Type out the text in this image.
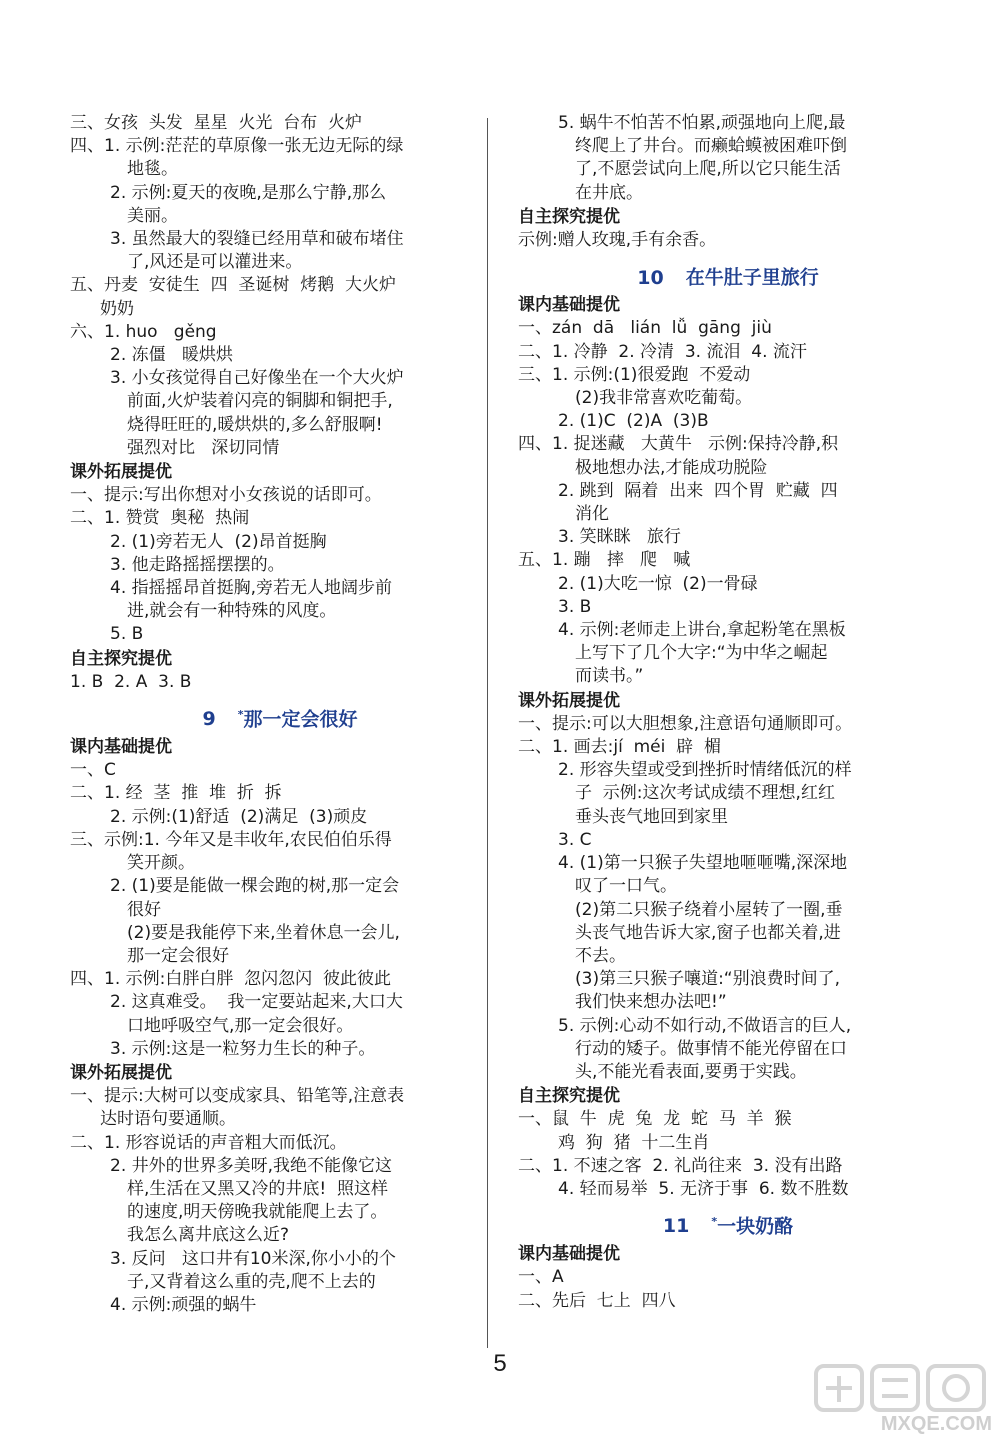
三、女孩  头发  星星  火光  台布  火炉
四、1. 示例:茫茫的草原像一张无边无际的绿
地毯。
2. 示例:夏天的夜晚,是那么宁静,那么
美丽。
3. 虽然最大的裂缝已经用草和破布堵住
了,风还是可以灌进来。
五、丹麦  安徒生  四  圣诞树  烤鹅  大火炉
奶奶
六、1. huo   gěng
2. 冻僵   暖烘烘
3. 小女孩觉得自己好像坐在一个大火炉
前面,火炉装着闪亮的铜脚和铜把手,
烧得旺旺的,暖烘烘的,多么舒服啊!
强烈对比   深切同情
课外拓展提优
一、提示:写出你想对小女孩说的话即可。
二、1. 赞赏  奥秘  热闹
2. (1)旁若无人  (2)昂首挺胸
3. 他走路摇摇摆摆的。
4. 指摇摇昂首挺胸,旁若无人地阔步前
进,就会有一种特殊的风度。
5. B
自主探究提优
1. B  2. A  3. B
9 *那一定会很好
课内基础提优
一、C
二、1. 经  茎  推  堆  折  拆
2. 示例:(1)舒适  (2)满足  (3)顽皮
三、示例:1. 今年又是丰收年,农民伯伯乐得
笑开颜。
2. (1)要是能做一棵会跑的树,那一定会
很好
(2)要是我能停下来,坐着休息一会儿,
那一定会很好
四、1. 示例:白胖白胖  忽闪忽闪  彼此彼此
2. 这真难受。  我一定要站起来,大口大
口地呼吸空气,那一定会很好。
3. 示例:这是一粒努力生长的种子。
课外拓展提优
一、提示:大树可以变成家具、铅笔等,注意表
达时语句要通顺。
二、1. 形容说话的声音粗大而低沉。
2. 井外的世界多美呀,我绝不能像它这
样,生活在又黑又冷的井底!  照这样
的速度,明天傍晚我就能爬上去了。
我怎么离井底这么近?
3. 反问   这口井有10米深,你小小的个
子,又背着这么重的壳,爬不上去的
4. 示例:顽强的蜗牛
5. 蜗牛不怕苦不怕累,顽强地向上爬,最
终爬上了井台。而癞蛤蟆被困难吓倒
了,不愿尝试向上爬,所以它只能生活
在井底。
自主探究提优
示例:赠人玫瑰,手有余香。
10 在牛肚子里旅行
课内基础提优
一、zán  dā   lián  lǚ  gāng  jiù
二、1. 冷静  2. 冷清  3. 流泪  4. 流汗
三、1. 示例:(1)很爱跑  不爱动
(2)我非常喜欢吃葡萄。
2. (1)C  (2)A  (3)B
四、1. 捉迷藏   大黄牛   示例:保持冷静,积
极地想办法,才能成功脱险
2. 跳到  隔着  出来  四个胃  贮藏  四
消化
3. 笑眯眯   旅行
五、1. 蹦   摔   爬   喊
2. (1)大吃一惊  (2)一骨碌
3. B
4. 示例:老师走上讲台,拿起粉笔在黑板
上写下了几个大字:“为中华之崛起
而读书。”
课外拓展提优
一、提示:可以大胆想象,注意语句通顺即可。
二、1. 画去:jí  méi  辟  楣
2. 形容失望或受到挫折时情绪低沉的样
子  示例:这次考试成绩不理想,红红
垂头丧气地回到家里
3. C
4. (1)第一只猴子失望地咂咂嘴,深深地
叹了一口气。
(2)第二只猴子绕着小屋转了一圈,垂
头丧气地告诉大家,窗子也都关着,进
不去。
(3)第三只猴子嚷道:“别浪费时间了,
我们快来想办法吧!”
5. 示例:心动不如行动,不做语言的巨人,
行动的矮子。做事情不能光停留在口
头,不能光看表面,要勇于实践。
自主探究提优
一、鼠  牛  虎  兔  龙  蛇  马  羊  猴
鸡  狗  猪  十二生肖
二、1. 不速之客  2. 礼尚往来  3. 没有出路
4. 轻而易举  5. 无济于事  6. 数不胜数
11 *一块奶酪
课内基础提优
一、A
二、先后  七上  四八
5
MXQE.COM
